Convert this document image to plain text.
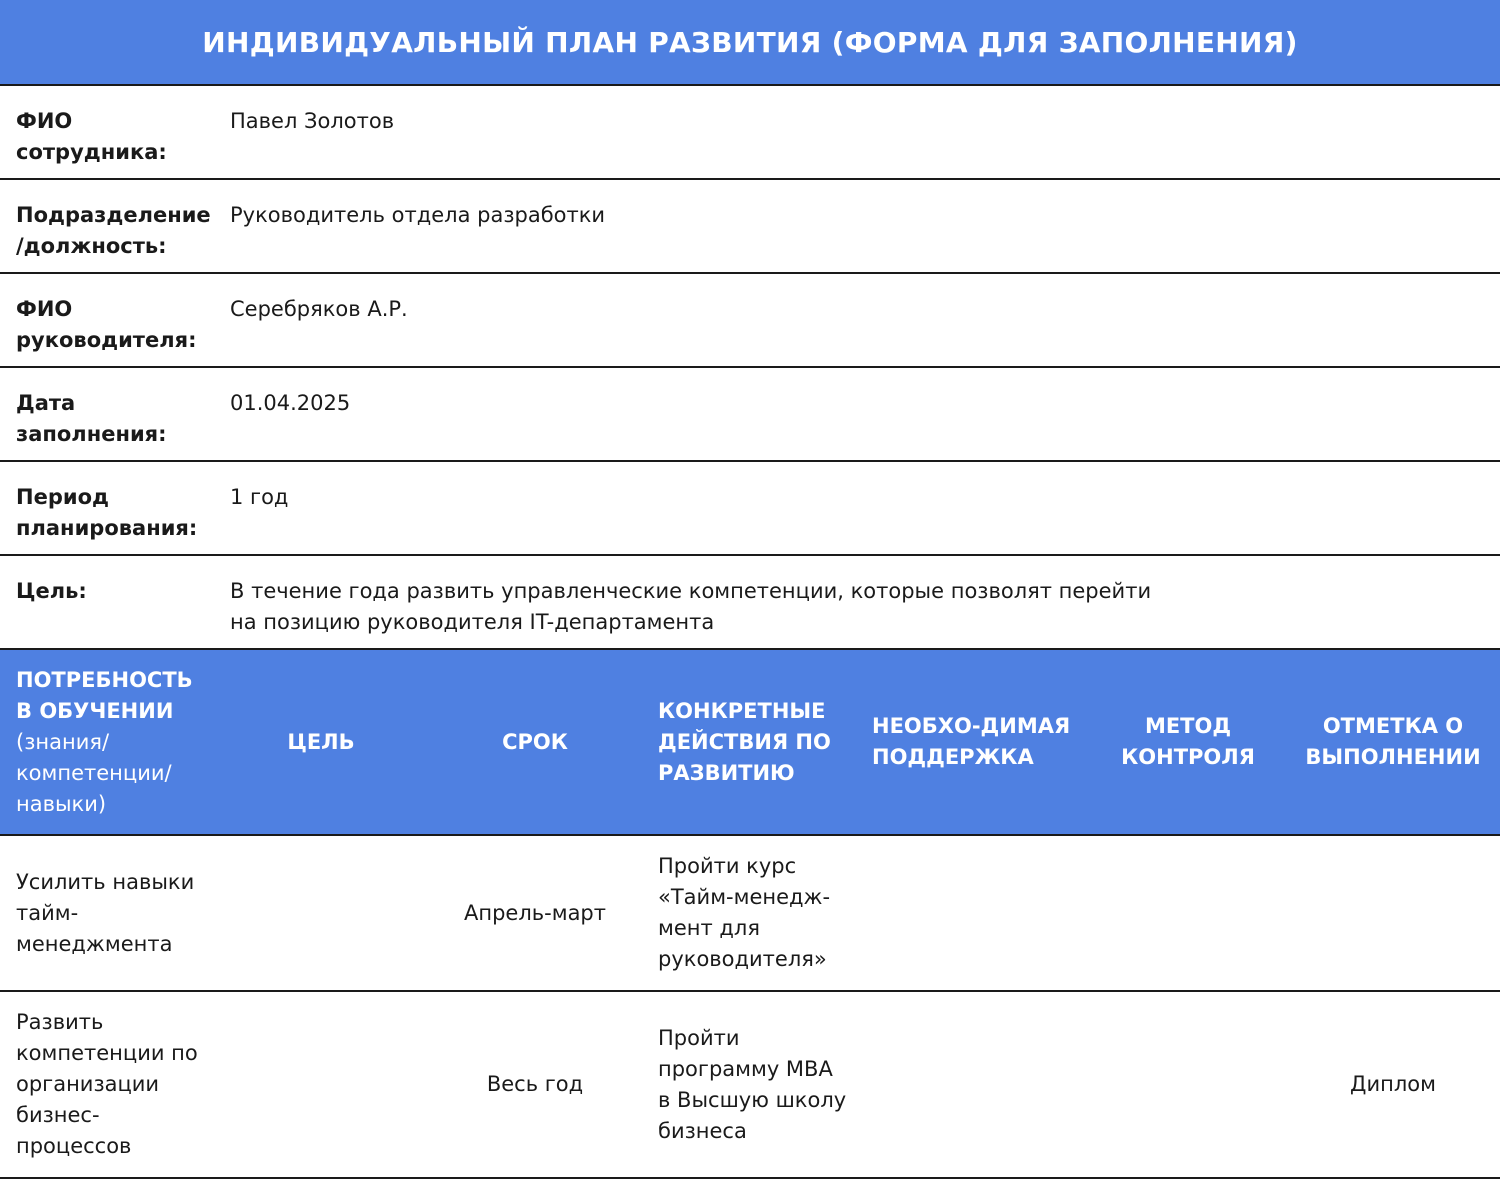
ИНДИВИДУАЛЬНЫЙ ПЛАН РАЗВИТИЯ (ФОРМА ДЛЯ ЗАПОЛНЕНИЯ)
ФИО сотрудника:
Павел Золотов
Подразделение /должность:
Руководитель отдела разработки
ФИО руководителя:
Серебряков А.Р.
Дата заполнения:
01.04.2025
Период планирования:
1 год
Цель:	В течение года развить управленческие компетенции, которые позволят перейти на позицию руководителя IT-департамента
ПОТРЕБНОСТЬ В ОБУЧЕНИИ
(знания/ компетенции/ навыки)
ЦЕЛЬ	СРОК
КОНКРЕТНЫЕ ДЕЙСТВИЯ ПО РАЗВИТИЮ
НЕОБХО-ДИМАЯ ПОДДЕРЖКА
МЕТОД КОНТРОЛЯ
ОТМЕТКА О ВЫПОЛНЕНИИ
Усилить навыки тайм-менеджмента
Апрель-март
Пройти курс «Тайм-менедж-мент для руководителя»
Развить компетенции по организации бизнес-процессов
Весь год
Пройти программу MBA в Высшую школу бизнеса
Диплом
